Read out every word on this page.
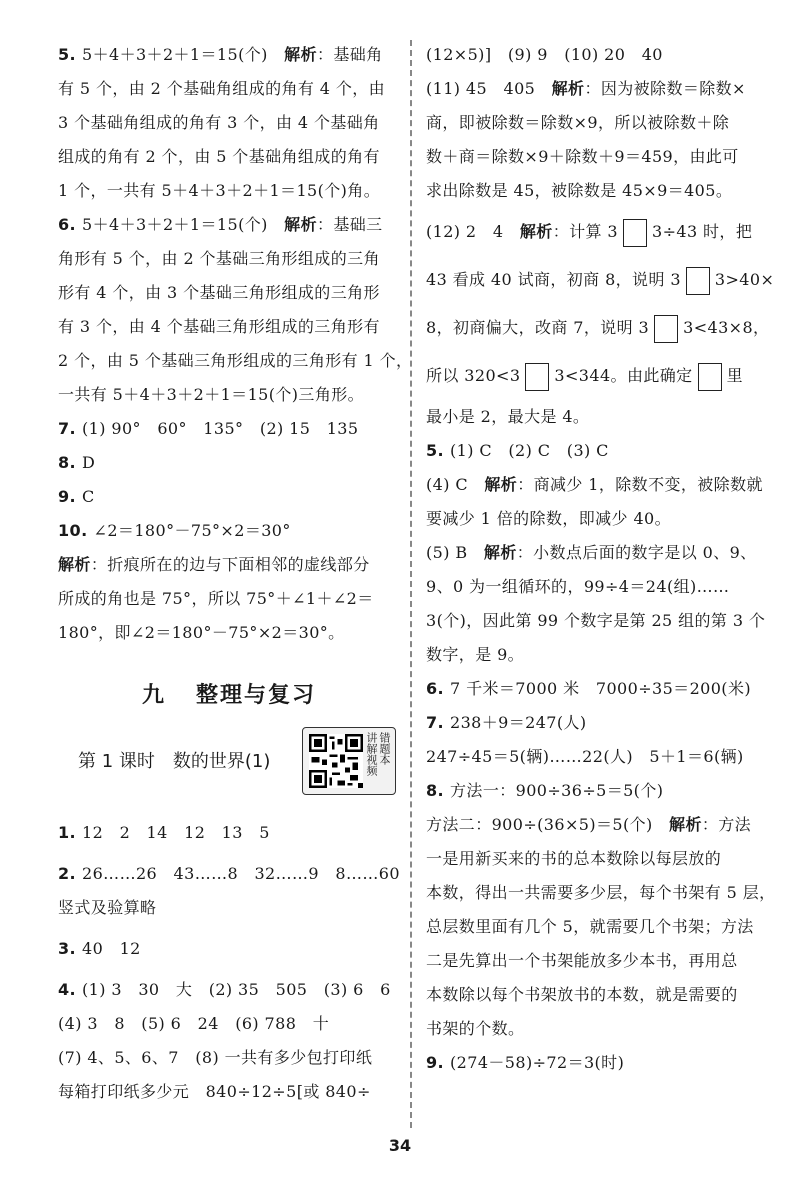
5. 5＋4＋3＋2＋1＝15(个)　 解析：基础角
有 5 个，由 2 个基础角组成的角有 4 个，由
3 个基础角组成的角有 3 个，由 4 个基础角
组成的角有 2 个，由 5 个基础角组成的角有
1 个，一共有 5＋4＋3＋2＋1＝15(个)角。
6. 5＋4＋3＋2＋1＝15(个)　 解析：基础三
角形有 5 个，由 2 个基础三角形组成的三角
形有 4 个，由 3 个基础三角形组成的三角形
有 3 个，由 4 个基础三角形组成的三角形有
2 个，由 5 个基础三角形组成的三角形有 1 个，
一共有 5＋4＋3＋2＋1＝15(个)三角形。
7. (1) 90°　60°　135°　(2) 15　135
8. D
9. C
10. ∠2＝180°－75°×2＝30°
解析：折痕所在的边与下面相邻的虚线部分
所成的角也是 75°，所以 75°＋∠1＋∠2＝
180°，即∠2＝180°－75°×2＝30°。
九 整理与复习
第 1 课时 数的世界(1)	讲解视频 错题本
1. 12　2　14　12　13　5
2. 26……26　43……8　32……9　8……60
竖式及验算略
3. 40　12
4. (1) 3　30　大　(2) 35　505　(3) 6　6
(4) 3　8　(5) 6　24　(6) 788　十
(7) 4、5、6、7　(8) 一共有多少包打印纸
每箱打印纸多少元　840÷12÷5[或 840÷
(12×5)]　(9) 9　(10) 20　40
(11) 45　405　 解析：因为被除数＝除数×
商，即被除数＝除数×9，所以被除数＋除
数＋商＝除数×9＋除数＋9＝459，由此可
求出除数是 45，被除数是 45×9＝405。
(12) 2　4　 解析：计算 3 3÷43 时，把
43 看成 40 试商，初商 8，说明 3 3>40×
8，初商偏大，改商 7，说明 3 3<43×8，
所以 320<3 3<344。由此确定 里
最小是 2，最大是 4。
5. (1) C　(2) C　(3) C
(4) C　 解析：商减少 1，除数不变，被除数就
要减少 1 倍的除数，即减少 40。
(5) B　 解析：小数点后面的数字是以 0、9、
9、0 为一组循环的，99÷4＝24(组)……
3(个)，因此第 99 个数字是第 25 组的第 3 个
数字，是 9。
6. 7 千米＝7000 米　7000÷35＝200(米)
7. 238＋9＝247(人)
247÷45＝5(辆)……22(人)　5＋1＝6(辆)
8. 方法一：900÷36÷5＝5(个)
方法二：900÷(36×5)＝5(个)　 解析：方法
一是用新买来的书的总本数除以每层放的
本数，得出一共需要多少层，每个书架有 5 层，
总层数里面有几个 5，就需要几个书架；方法
二是先算出一个书架能放多少本书，再用总
本数除以每个书架放书的本数，就是需要的
书架的个数。
9. (274－58)÷72＝3(时)
34
